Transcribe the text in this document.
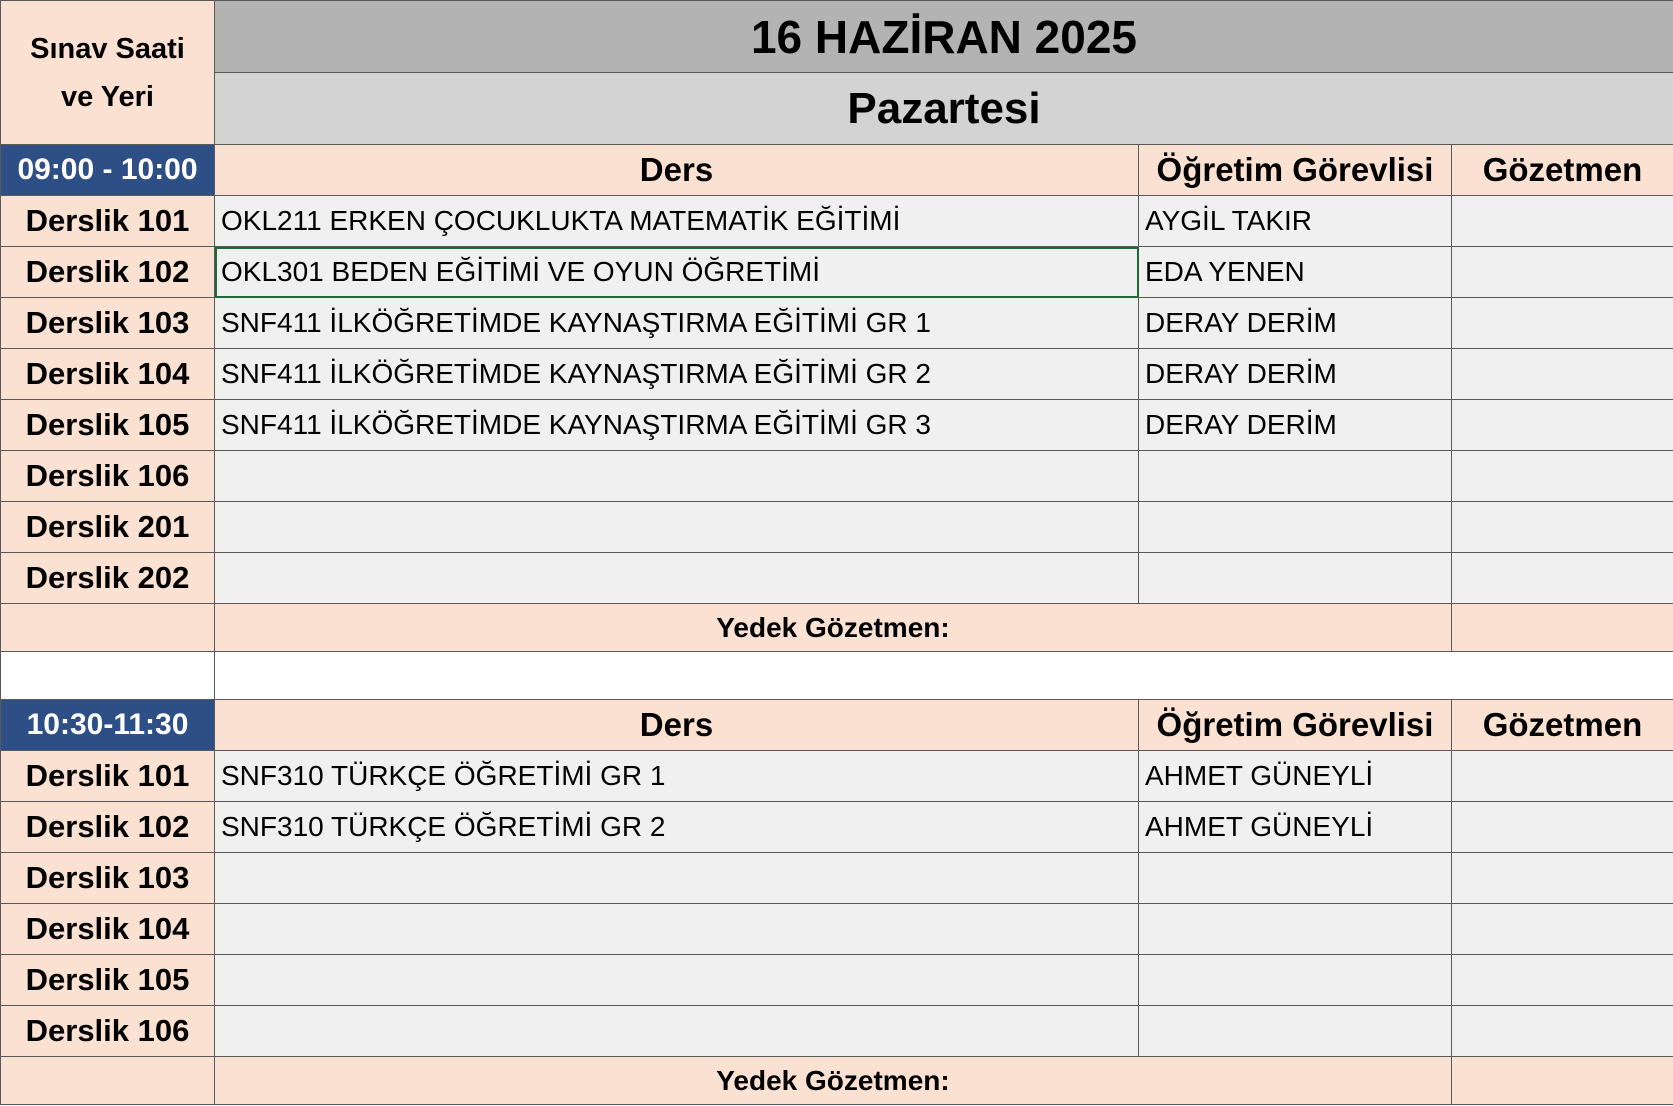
Sınav Saati
ve Yeri	16 HAZİRAN 2025		
	Pazartesi		
09:00 - 10:00	Ders	Öğretim Görevlisi	Gözetmen
Derslik 101	OKL211 ERKEN ÇOCUKLUKTA MATEMATİK EĞİTİMİ	AYGİL TAKIR	
Derslik 102	OKL301 BEDEN EĞİTİMİ VE OYUN ÖĞRETİMİ	EDA YENEN	
Derslik 103	SNF411 İLKÖĞRETİMDE KAYNAŞTIRMA EĞİTİMİ GR 1	DERAY DERİM	
Derslik 104	SNF411 İLKÖĞRETİMDE KAYNAŞTIRMA EĞİTİMİ GR 2	DERAY DERİM	
Derslik 105	SNF411 İLKÖĞRETİMDE KAYNAŞTIRMA EĞİTİMİ GR 3	DERAY DERİM	
Derslik 106			
Derslik 201			
Derslik 202			
	Yedek Gözetmen:		

10:30-11:30	Ders	Öğretim Görevlisi	Gözetmen
Derslik 101	SNF310 TÜRKÇE ÖĞRETİMİ GR 1	AHMET GÜNEYLİ	
Derslik 102	SNF310 TÜRKÇE ÖĞRETİMİ GR 2	AHMET GÜNEYLİ	
Derslik 103			
Derslik 104			
Derslik 105			
Derslik 106			
	Yedek Gözetmen:		
